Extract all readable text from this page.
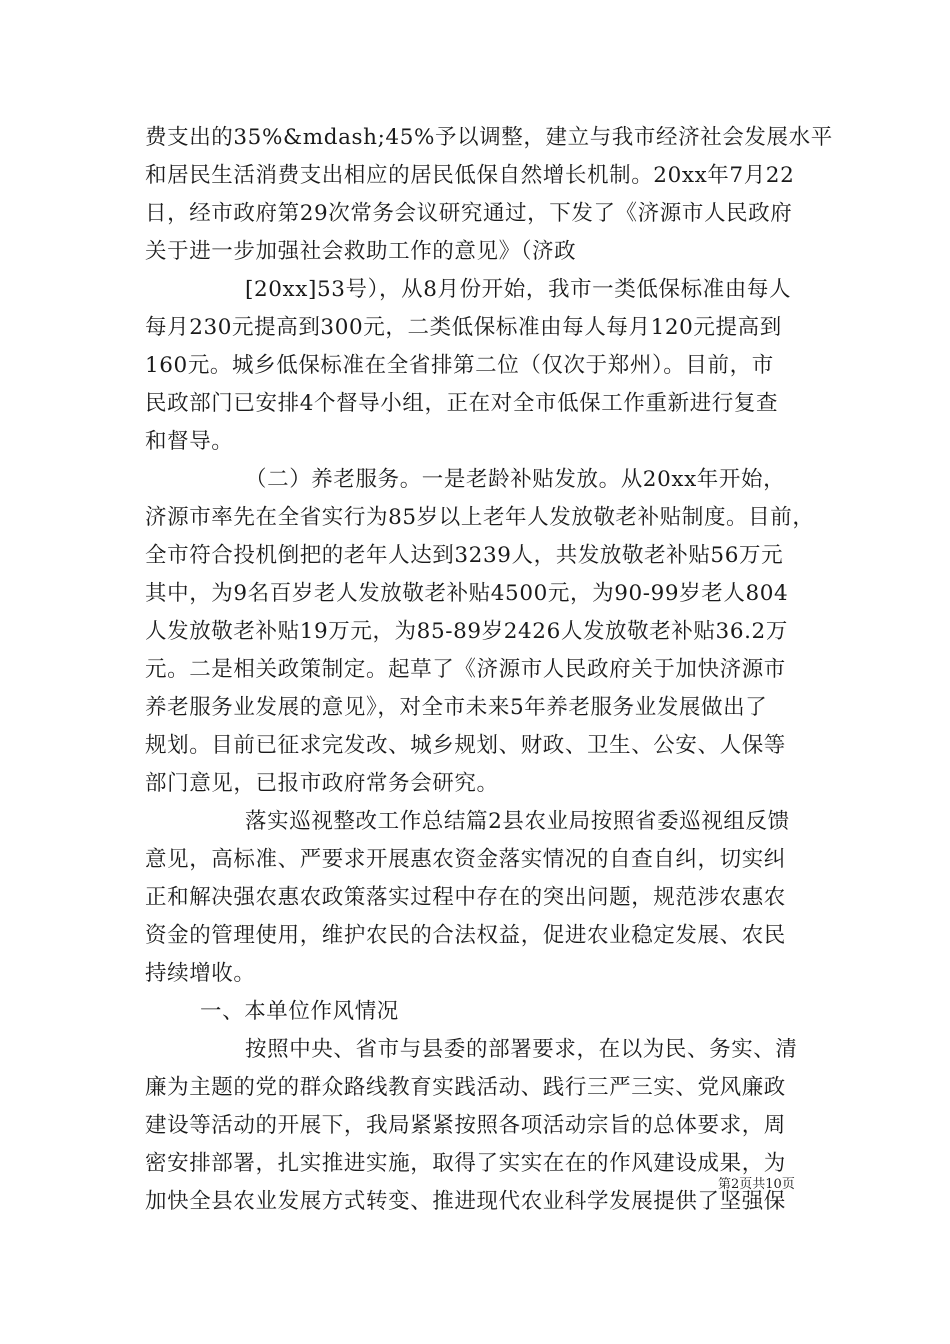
费支出的35%&mdash;45%予以调整，建立与我市经济社会发展水平
和居民生活消费支出相应的居民低保自然增长机制。20xx年7月22
日，经市政府第29次常务会议研究通过，下发了《济源市人民政府
关于进一步加强社会救助工作的意见》（济政
[20xx]53号），从8月份开始，我市一类低保标准由每人
每月230元提高到300元，二类低保标准由每人每月120元提高到
160元。城乡低保标准在全省排第二位（仅次于郑州）。目前，市
民政部门已安排4个督导小组，正在对全市低保工作重新进行复查
和督导。
（二）养老服务。一是老龄补贴发放。从20xx年开始，
济源市率先在全省实行为85岁以上老年人发放敬老补贴制度。目前，
全市符合投机倒把的老年人达到3239人，共发放敬老补贴56万元
其中，为9名百岁老人发放敬老补贴4500元，为90-99岁老人804
人发放敬老补贴19万元，为85-89岁2426人发放敬老补贴36.2万
元。二是相关政策制定。起草了《济源市人民政府关于加快济源市
养老服务业发展的意见》，对全市未来5年养老服务业发展做出了
规划。目前已征求完发改、城乡规划、财政、卫生、公安、人保等
部门意见，已报市政府常务会研究。
落实巡视整改工作总结篇2县农业局按照省委巡视组反馈
意见，高标准、严要求开展惠农资金落实情况的自查自纠，切实纠
正和解决强农惠农政策落实过程中存在的突出问题，规范涉农惠农
资金的管理使用，维护农民的合法权益，促进农业稳定发展、农民
持续增收。
一、本单位作风情况
按照中央、省市与县委的部署要求，在以为民、务实、清
廉为主题的党的群众路线教育实践活动、践行三严三实、党风廉政
建设等活动的开展下，我局紧紧按照各项活动宗旨的总体要求，周
密安排部署，扎实推进实施，取得了实实在在的作风建设成果，为
加快全县农业发展方式转变、推进现代农业科学发展提供了坚强保
第2页共10页
